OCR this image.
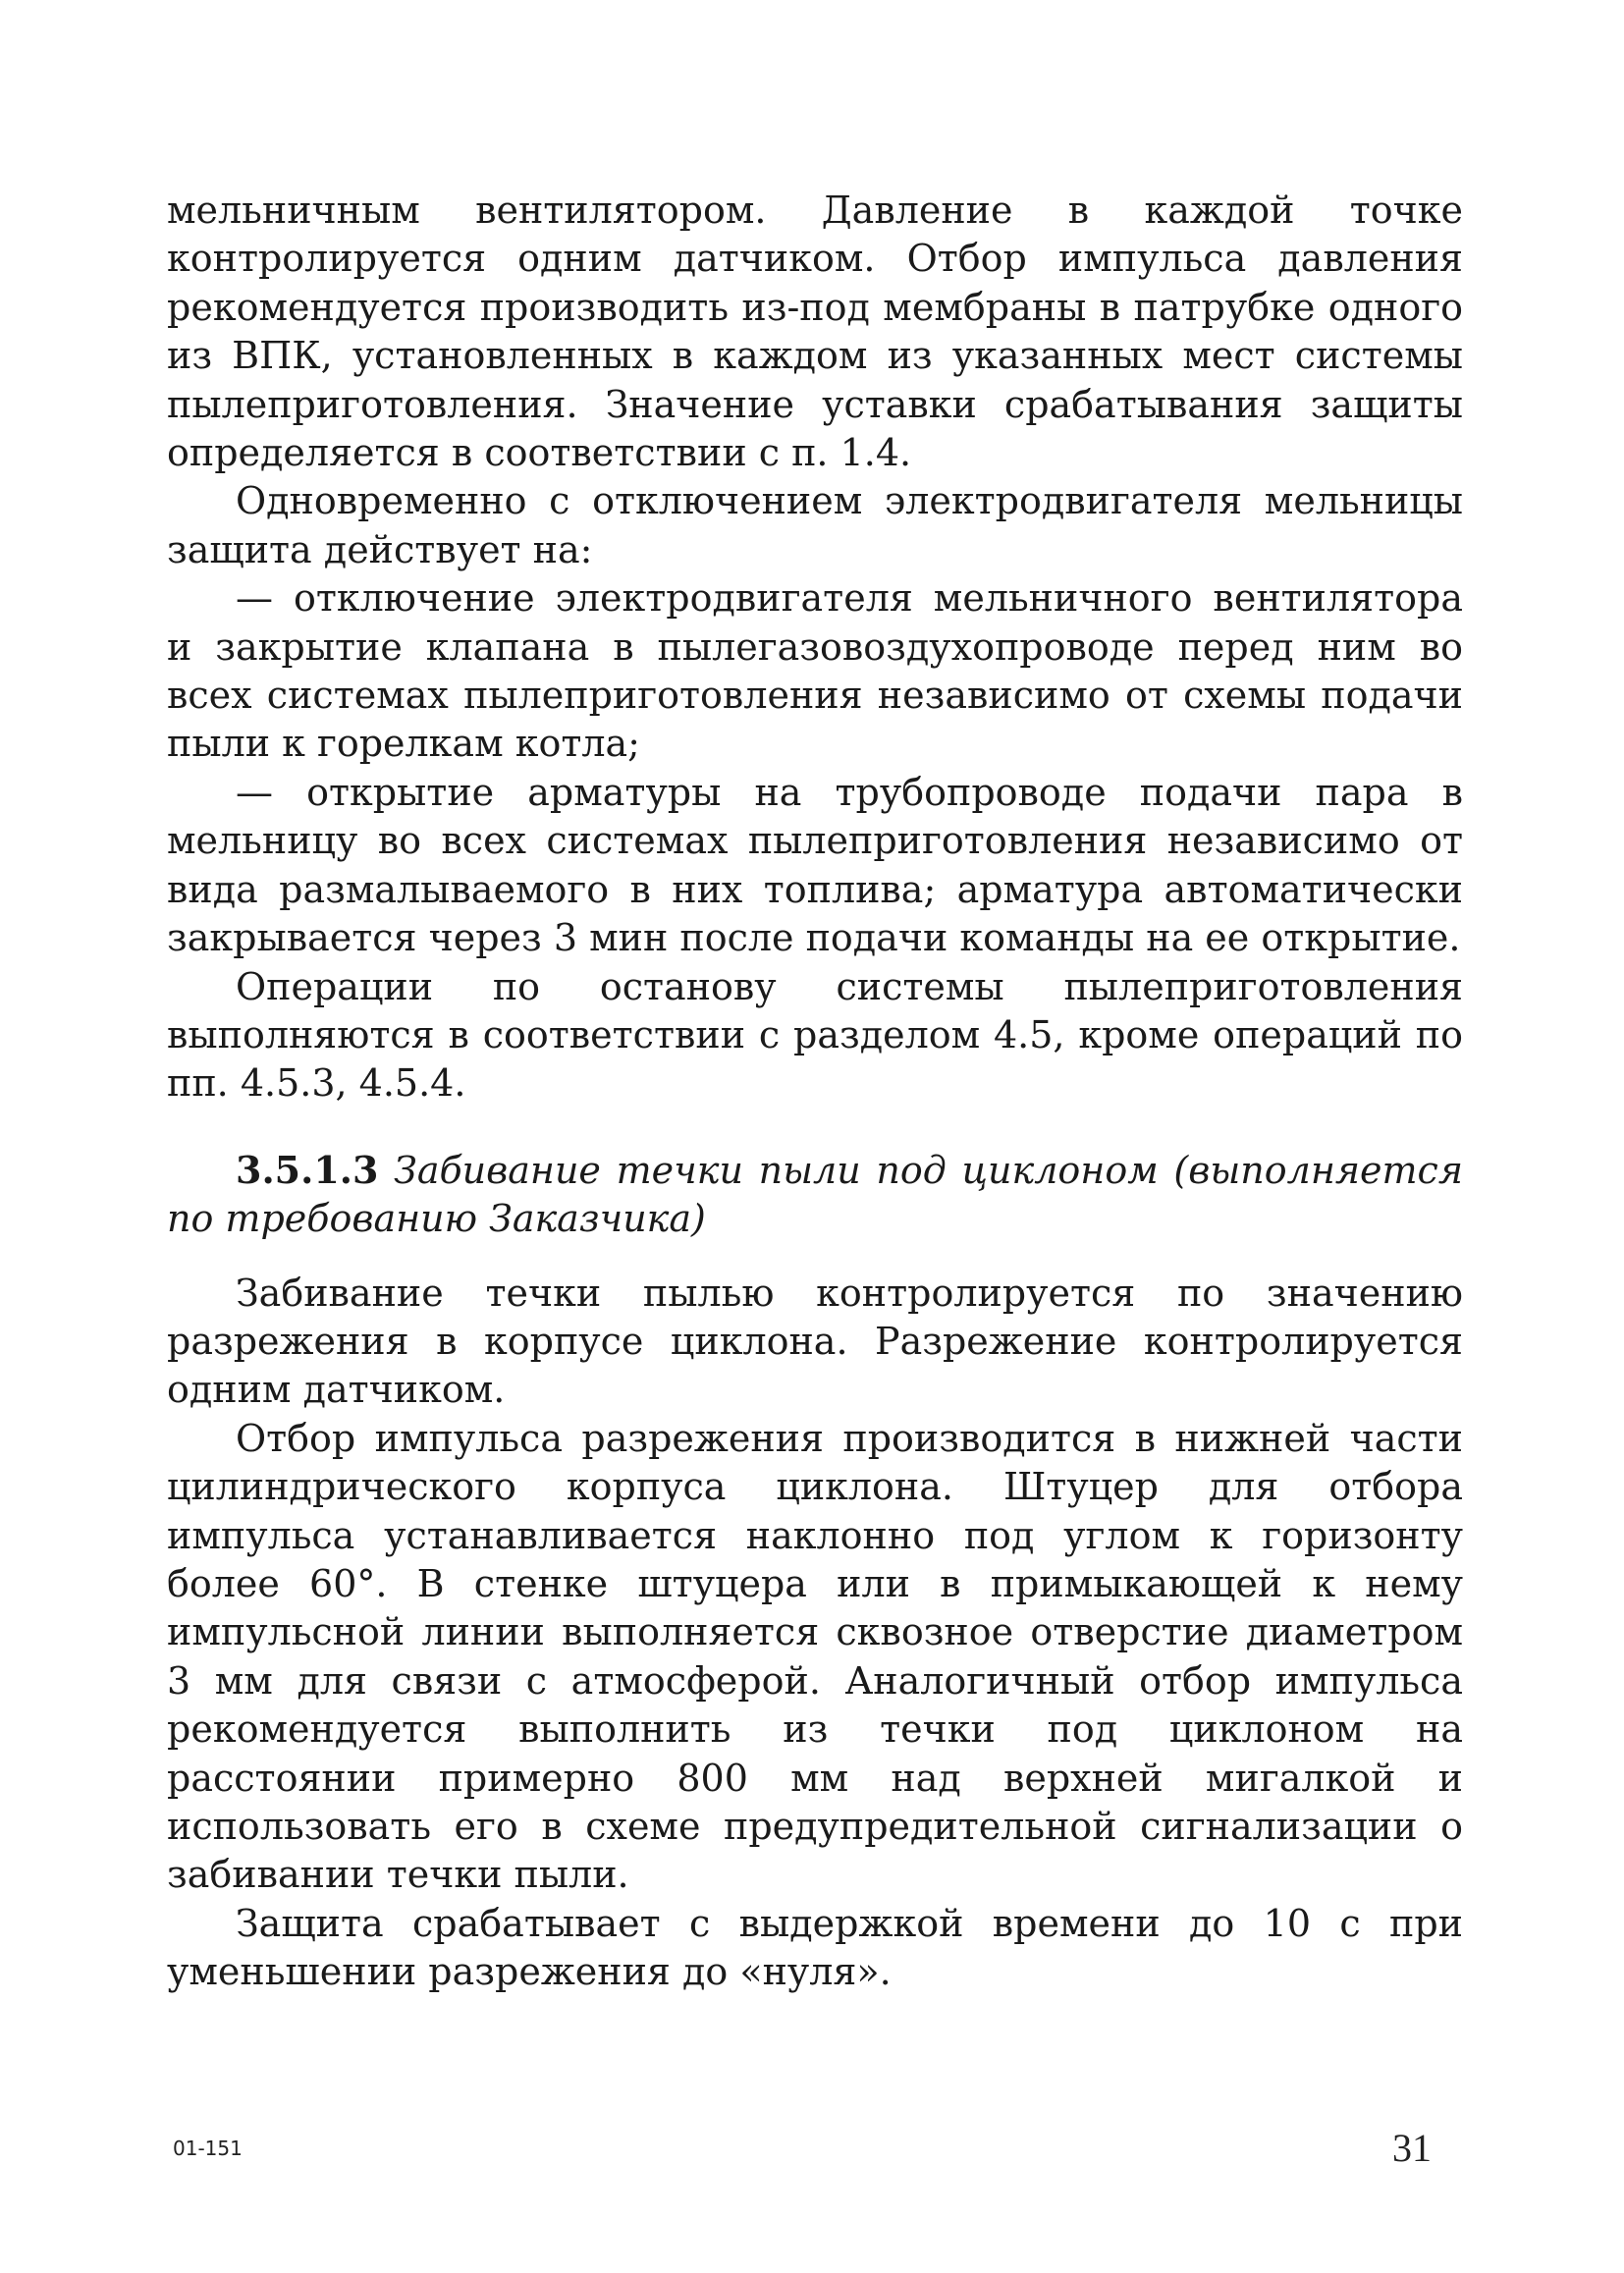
мельничным вентилятором. Давление в каждой точке контролируется одним датчиком. Отбор импульса давления рекомендуется производить из-под мембраны в патрубке одного из ВПК, установленных в каждом из указанных мест системы пылеприготовления. Значение уставки срабатывания защиты определяется в соответствии с п. 1.4.

Одновременно с отключением электродвигателя мельницы защита действует на:

— отключение электродвигателя мельничного вентилятора и закрытие клапана в пылегазовоздухопроводе перед ним во всех системах пылеприготовления независимо от схемы подачи пыли к горелкам котла;

— открытие арматуры на трубопроводе подачи пара в мельницу во всех системах пылеприготовления независимо от вида размалываемого в них топлива; арматура автоматически закрывается через 3 мин после подачи команды на ее открытие.

Операции по останову системы пылеприготовления выполняются в соответствии с разделом 4.5, кроме операций по пп. 4.5.3, 4.5.4.

3.5.1.3 Забивание течки пыли под циклоном (выполняется по требованию Заказчика)

Забивание течки пылью контролируется по значению разрежения в корпусе циклона. Разрежение контролируется одним датчиком.

Отбор импульса разрежения производится в нижней части цилиндрического корпуса циклона. Штуцер для отбора импульса устанавливается наклонно под углом к горизонту более 60°. В стенке штуцера или в примыкающей к нему импульсной линии выполняется сквозное отверстие диаметром 3 мм для связи с атмосферой. Аналогичный отбор импульса рекомендуется выполнить из течки под циклоном на расстоянии примерно 800 мм над верхней мигалкой и использовать его в схеме предупредительной сигнализации о забивании течки пыли.

Защита срабатывает с выдержкой времени до 10 с при уменьшении разрежения до «нуля».

01-151	31
